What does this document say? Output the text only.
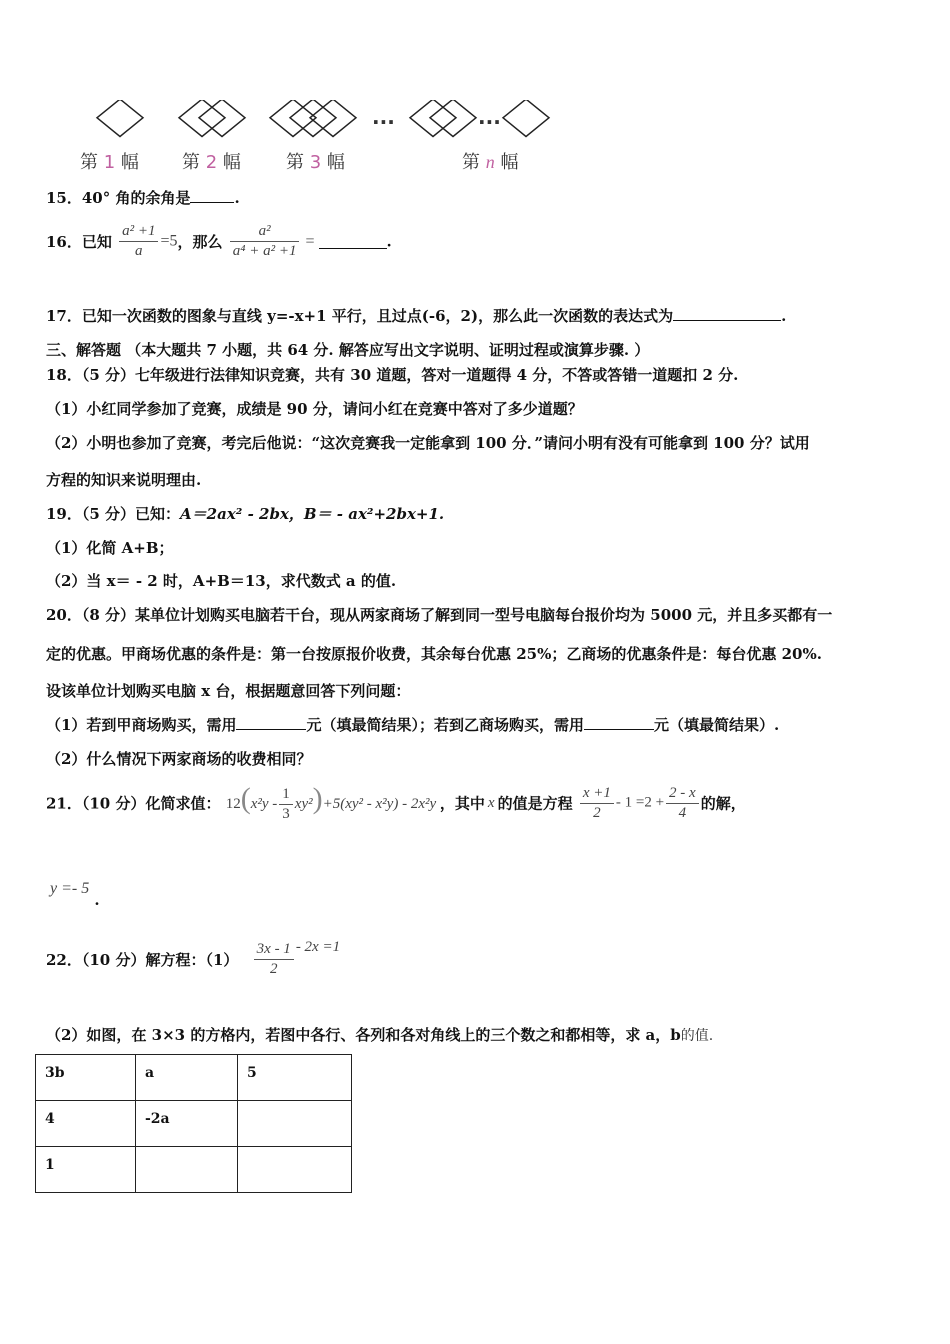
···	···
第 1 幅 第 2 幅	第 3 幅	第 n 幅
15．40° 角的余角是	.
16．已知 $\frac{\text{a² +1}}{a} =5$，那么 $\frac{\text{a²}}{\text{a⁴ + a² +1}}$ =	.
17．已知一次函数的图象与直线 y=-x+1 平行，且过点(-6，2)，那么此一次函数的表达式为	.
三、解答题 （本大题共 7 小题，共 64 分. 解答应写出文字说明、证明过程或演算步骤. ）
18．（5 分）七年级进行法律知识竞赛，共有 30 道题，答对一道题得 4 分，不答或答错一道题扣 2 分.
（1）小红同学参加了竞赛，成绩是 90 分，请问小红在竞赛中答对了多少道题？
（2）小明也参加了竞赛，考完后他说：“这次竞赛我一定能拿到 100 分．”请问小明有没有可能拿到 100 分？试用
方程的知识来说明理由.
19．（5 分）已知：A＝2ax² - 2bx，B＝ - ax²+2bx+1.
（1）化简 A+B；
（2）当 x＝ - 2 时，A+B＝13，求代数式 a 的值.
20．（8 分）某单位计划购买电脑若干台，现从两家商场了解到同一型号电脑每台报价均为 5000 元，并且多买都有一
定的优惠。甲商场优惠的条件是：第一台按原报价收费，其余每台优惠 25%；乙商场的优惠条件是：每台优惠 20%.
设该单位计划购买电脑 x 台，根据题意回答下列问题：
（1）若到甲商场购买，需用	元（填最简结果）；若到乙商场购买，需用	元（填最简结果）.
（2）什么情况下两家商场的收费相同？
21．（10 分）化简求值： $12(x^2y - \frac{1}{3} xy^2)+5(xy^2 - x^2y) - 2x^2y$ ，其中 x 的值是方程 $\frac{x +1}{2} - 1 =2 + \frac{2 - x}{4}$ 的解，
y =- 5 .
22．（10 分）解方程：$(1) \frac{3x - 1}{2} - 2x =1$
（2）如图，在 3×3 的方格内，若图中各行、各列和各对角线上的三个数之和都相等，求 a，b的值.
3b	a	5
4	-2a	
1		
